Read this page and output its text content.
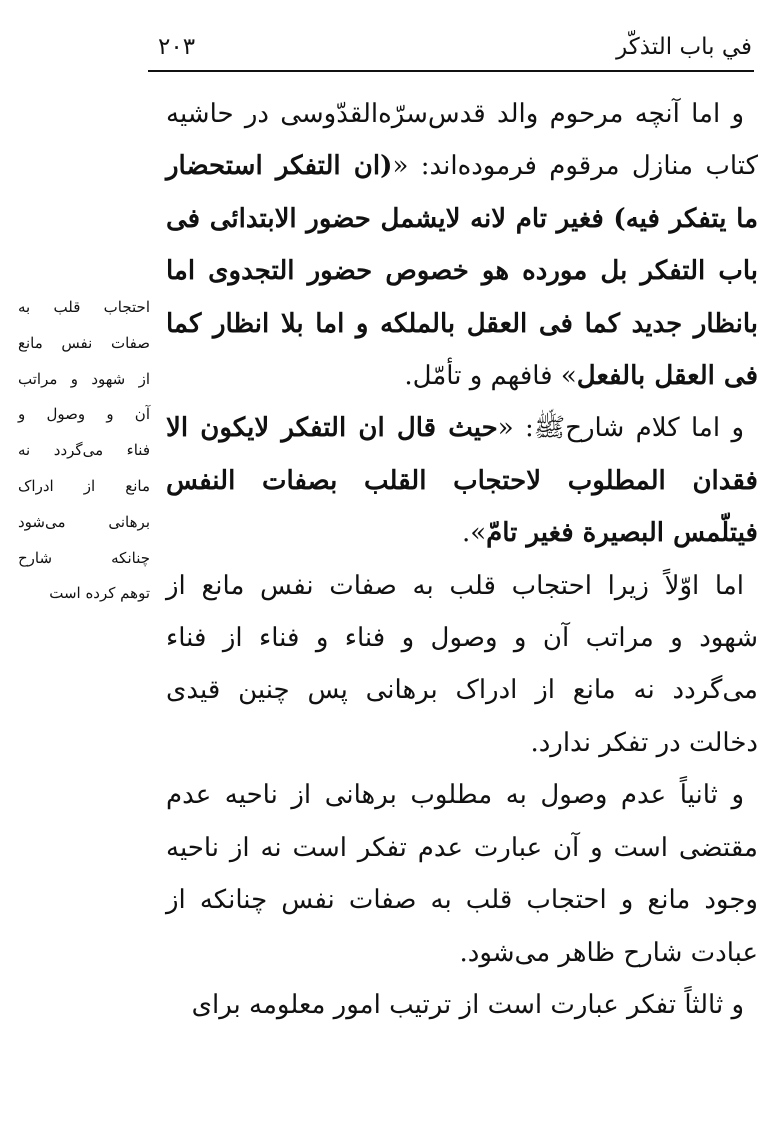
في باب التذكّر
۲۰۳

و اما آنچه مرحوم والد قدس‌سرّه‌القدّوسی در حاشیه کتاب منازل مرقوم فرموده‌اند: «(ان التفكر استحضار ما يتفكر فيه) فغير تام لانه لايشمل حضور الابتدائى فى باب التفكر بل مورده هو خصوص حضور التجدوى اما بانظار جديد كما فى العقل بالملكه و اما بلا انظار كما فى العقل بالفعل» فافهم و تأمّل.

و اما کلام شارحﷺ: «حيث قال ان التفكر لايكون الا فقدان المطلوب لاحتجاب القلب بصفات النفس فيتلّمس البصيرة فغير تامّ».

اما اوّلاً زیرا احتجاب قلب به صفات نفس مانع از شهود و مراتب آن و وصول و فناء و فناء از فناء می‌گردد نه مانع از ادراک برهانی پس چنین قیدی دخالت در تفکر ندارد.

و ثانیاً عدم وصول به مطلوب برهانی از ناحیه عدم مقتضی است و آن عبارت عدم تفکر است نه از ناحیه وجود مانع و احتجاب قلب به صفات نفس چنانکه از عبادت شارح ظاهر می‌شود.

و ثالثاً تفکر عبارت است از ترتیب امور معلومه برای

احتجاب قلب به
صفات نفس مانع
از شهود و مراتب
آن و وصول و
فناء می‌گردد نه
مانع از ادراک
برهانی می‌شود
چنانکه شارح
توهم کرده است
